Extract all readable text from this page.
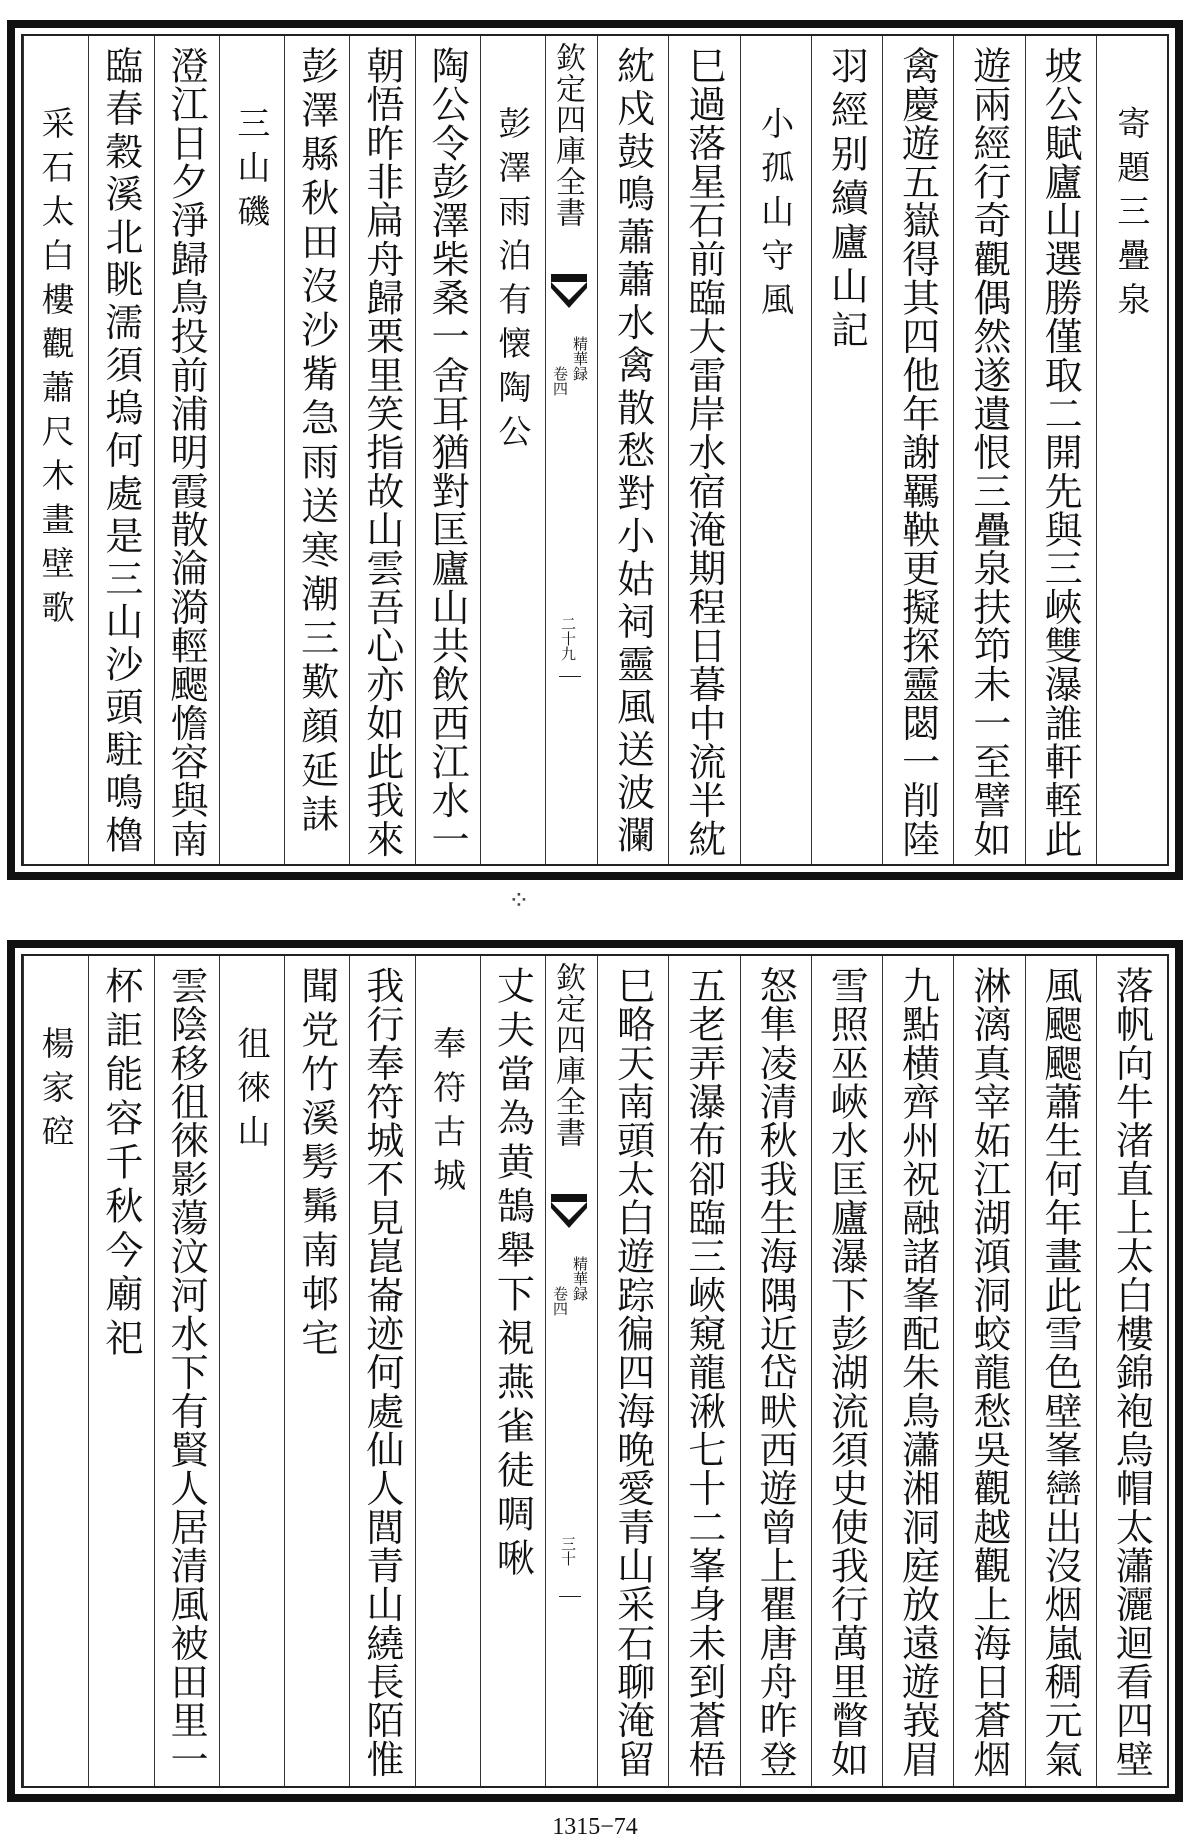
欽定四庫全書
精華録
卷四
二十九
寄題三疊泉
坡公賦廬山選勝僅取二開先與三峽雙瀑誰軒輊此
遊兩經行奇觀偶然遂遺恨三疊泉扶笻未一至譬如
禽慶遊五嶽得其四他年謝羈鞅更擬探靈閟一削陸
羽經别續廬山記
小孤山守風
巳過落星石前臨大雷岸水宿淹期程日暮中流半紞
紞戍鼓鳴蕭蕭水禽散愁對小姑祠靈風送波瀾
彭澤雨泊有懐陶公
陶公令彭澤柴桑一舍耳猶對匡廬山共飲西江水一
朝悟昨非扁舟歸栗里笑指故山雲吾心亦如此我來
彭澤縣秋田沒沙觜急雨送寒潮三歎顔延誄
三山磯
澄江日夕淨歸鳥投前浦明霞散淪漪輕颸憺容與南
臨春穀溪北眺濡須塢何處是三山沙頭駐鳴櫓
采石太白樓觀蕭尺木畫壁歌
欽定四庫全書
精華録
卷四
三十	落帆向牛渚直上太白樓錦袍烏帽太瀟灑迴看四壁
風颸颸蕭生何年畫此雪色壁峯巒出沒烟嵐稠元氣
淋漓真宰妬江湖澒洞蛟龍愁吳觀越觀上海日蒼烟
九點横齊州祝融諸峯配朱鳥瀟湘洞庭放遠遊峩眉
雪照巫峽水匡廬瀑下彭湖流須史使我行萬里瞥如
怒隼凌清秋我生海隅近岱畎西遊曾上瞿唐舟昨登
五老弄瀑布卻臨三峽窺龍湫七十二峯身未到蒼梧
巳略天南頭太白遊踪徧四海晚愛青山采石聊淹留
丈夫當為黄鵠舉下視燕雀徒啁啾
奉符古城
我行奉符城不見崑崙迹何處仙人閭青山繞長陌惟
聞党竹溪髣髴南邨宅
徂徠山
雲陰移徂徠影蕩汶河水下有賢人居清風被田里一
杯詎能容千秋今廟祀
楊家硿
⁘
1315−74
